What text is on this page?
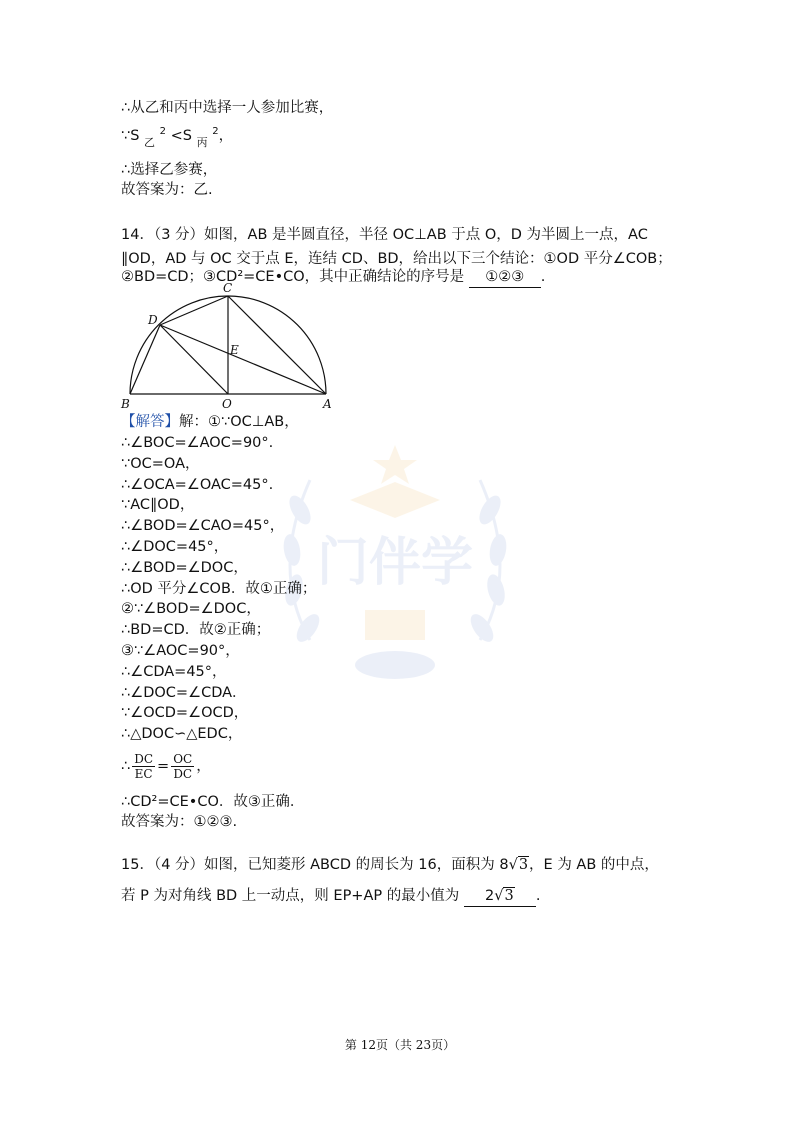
门伴学
∴从乙和丙中选择一人参加比赛，
∵S $_乙$ $^2$ <S $_丙$ $^2$，
∴选择乙参赛，
故答案为：乙.
14．（3 分）如图，AB 是半圆直径，半径 OC⊥AB 于点 O，D 为半圆上一点，AC
∥OD，AD 与 OC 交于点 E，连结 CD、BD，给出以下三个结论：①OD 平分∠COB；
②BD=CD；③CD²=CE•CO，其中正确结论的序号是 ①②③ .
C
D
E
B	O	A
【解答】解：①∵OC⊥AB，
∴∠BOC=∠AOC=90°.
∵OC=OA，
∴∠OCA=∠OAC=45°.
∵AC∥OD，
∴∠BOD=∠CAO=45°，
∴∠DOC=45°，
∴∠BOD=∠DOC，
∴OD 平分∠COB．故①正确；
②∵∠BOD=∠DOC，
∴BD=CD．故②正确；
③∵∠AOC=90°，
∴∠CDA=45°，
∴∠DOC=∠CDA．
∵∠OCD=∠OCD，
∴△DOC∽△EDC，
∴ $\frac{DC}{EC} = \frac{OC}{DC}$ ，
∴CD²=CE•CO．故③正确．
故答案为：①②③.
15．（4 分）如图，已知菱形 ABCD 的周长为 16，面积为 8√3，E 为 AB 的中点，
若 P 为对角线 BD 上一动点，则 EP+AP 的最小值为 2√3 .
第 12页（共 23页）
